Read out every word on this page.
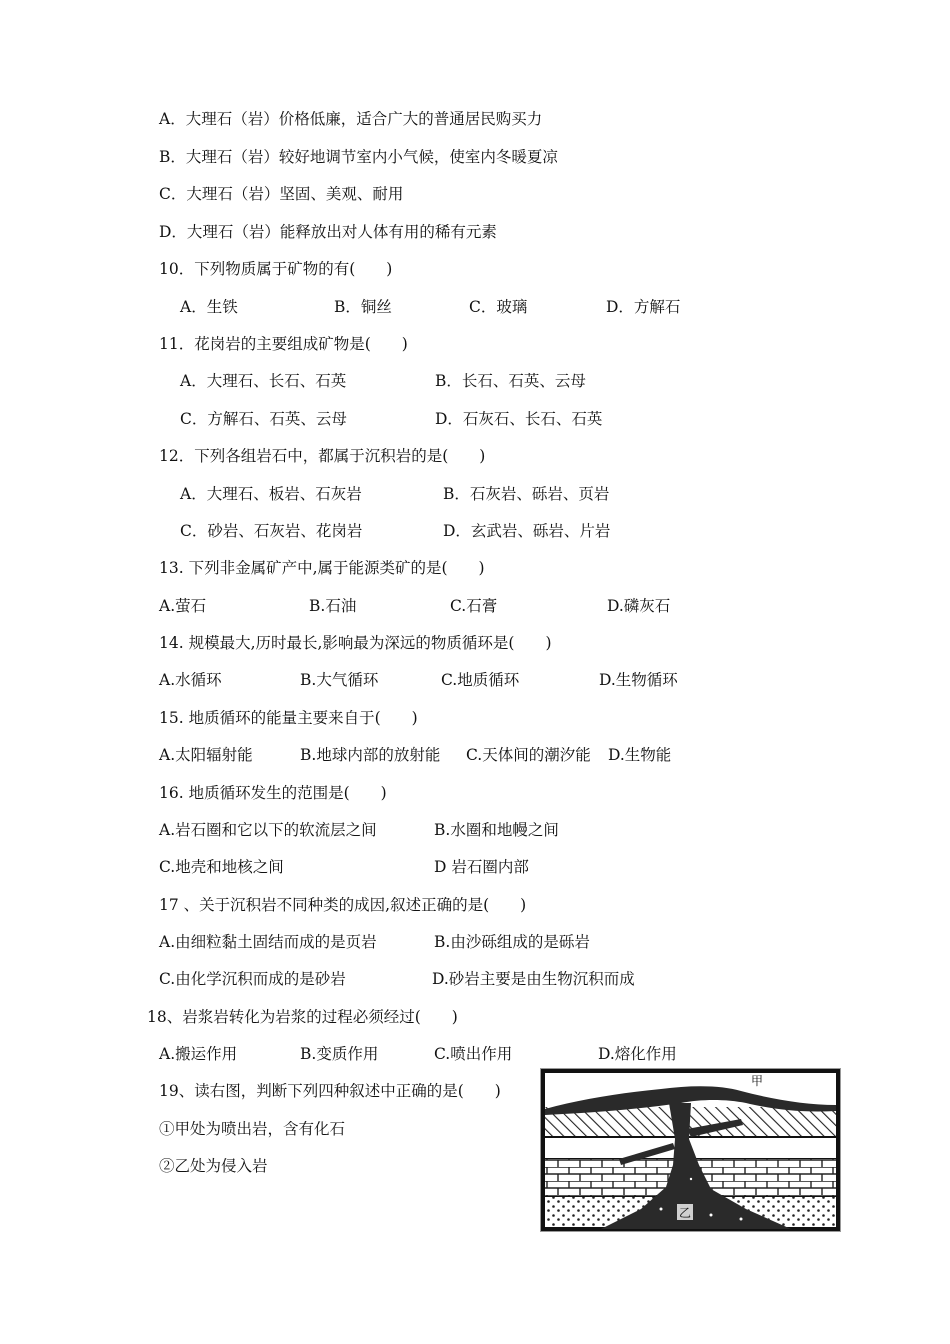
A．大理石（岩）价格低廉，适合广大的普通居民购买力
B．大理石（岩）较好地调节室内小气候，使室内冬暖夏凉
C．大理石（岩）坚固、美观、耐用
D．大理石（岩）能释放出对人体有用的稀有元素
10．下列物质属于矿物的有(　　)
A．生铁	B．铜丝	C．玻璃	D．方解石
11．花岗岩的主要组成矿物是(　　)
A．大理石、长石、石英	B．长石、石英、云母
C．方解石、石英、云母	D．石灰石、长石、石英
12．下列各组岩石中，都属于沉积岩的是(　　)
A．大理石、板岩、石灰岩	B．石灰岩、砾岩、页岩
C．砂岩、石灰岩、花岗岩	D．玄武岩、砾岩、片岩
13. 下列非金属矿产中,属于能源类矿的是(　　)
A.萤石	B.石油	C.石膏	D.磷灰石
14. 规模最大,历时最长,影响最为深远的物质循环是(　　)
A.水循环	B.大气循环	C.地质循环	D.生物循环
15. 地质循环的能量主要来自于(　　)
A.太阳辐射能	B.地球内部的放射能 C.天体间的潮汐能 D.生物能
16. 地质循环发生的范围是(　　)
A.岩石圈和它以下的软流层之间	B.水圈和地幔之间
C.地壳和地核之间	D 岩石圈内部
17 、关于沉积岩不同种类的成因,叙述正确的是(　　)
A.由细粒黏土固结而成的是页岩	B.由沙砾组成的是砾岩
C.由化学沉积而成的是砂岩	D.砂岩主要是由生物沉积而成
18、岩浆岩转化为岩浆的过程必须经过(　　)
A.搬运作用	B.变质作用	C.喷出作用	D.熔化作用
19、读右图，判断下列四种叙述中正确的是(　　)
①甲处为喷出岩，含有化石
②乙处为侵入岩
甲
乙
